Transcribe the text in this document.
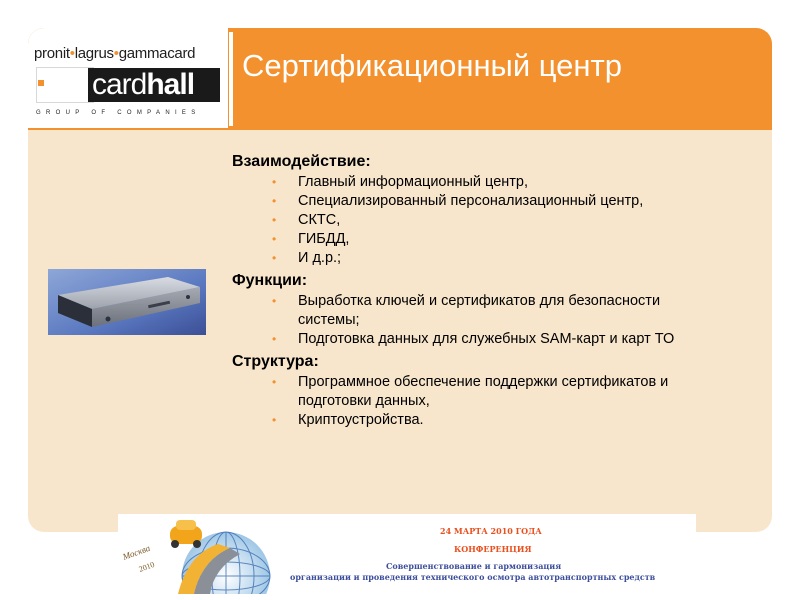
pronit•lagrus•gammacard
cardhall
GROUP OF COMPANIES
Сертификационный центр
Взаимодействие:
• Главный информационный центр,
• Специализированный персонализационный центр,
• СКТС,
• ГИБДД,
• И д.р.;
Функции:
• Выработка ключей и сертификатов для безопасности системы;
• Подготовка данных для служебных SAM-карт и карт ТО
Структура:
• Программное обеспечение поддержки сертификатов и подготовки данных,
• Криптоустройства.
Москва
2010
24 МАРТА 2010 ГОДА
КОНФЕРЕНЦИЯ
Совершенствование и гармонизация
организации и проведения технического осмотра автотранспортных средств
